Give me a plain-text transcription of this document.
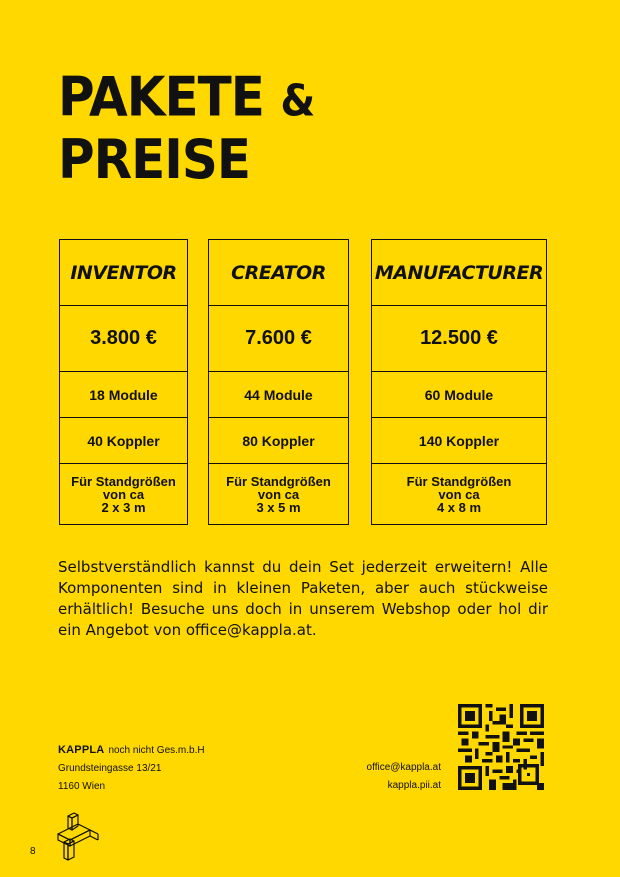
PAKETE &
PREISE
INVENTOR
3.800 €
18 Module
40 Koppler
Für Standgrößen
von ca
2 x 3 m
CREATOR
7.600 €
44 Module
80 Koppler
Für Standgrößen
von ca
3 x 5 m
MANUFACTURER
12.500 €
60 Module
140 Koppler
Für Standgrößen
von ca
4 x 8 m
Selbstverständlich kannst du dein Set jederzeit erweitern! Alle Komponenten sind in kleinen Paketen, aber auch stückweise erhältlich! Besuche uns doch in unserem Webshop oder hol dir ein Angebot von office@kappla.at.
KAPPLA noch nicht Ges.m.b.H
Grundsteingasse 13/21
1160 Wien
office@kappla.at
kappla.pii.at
8
